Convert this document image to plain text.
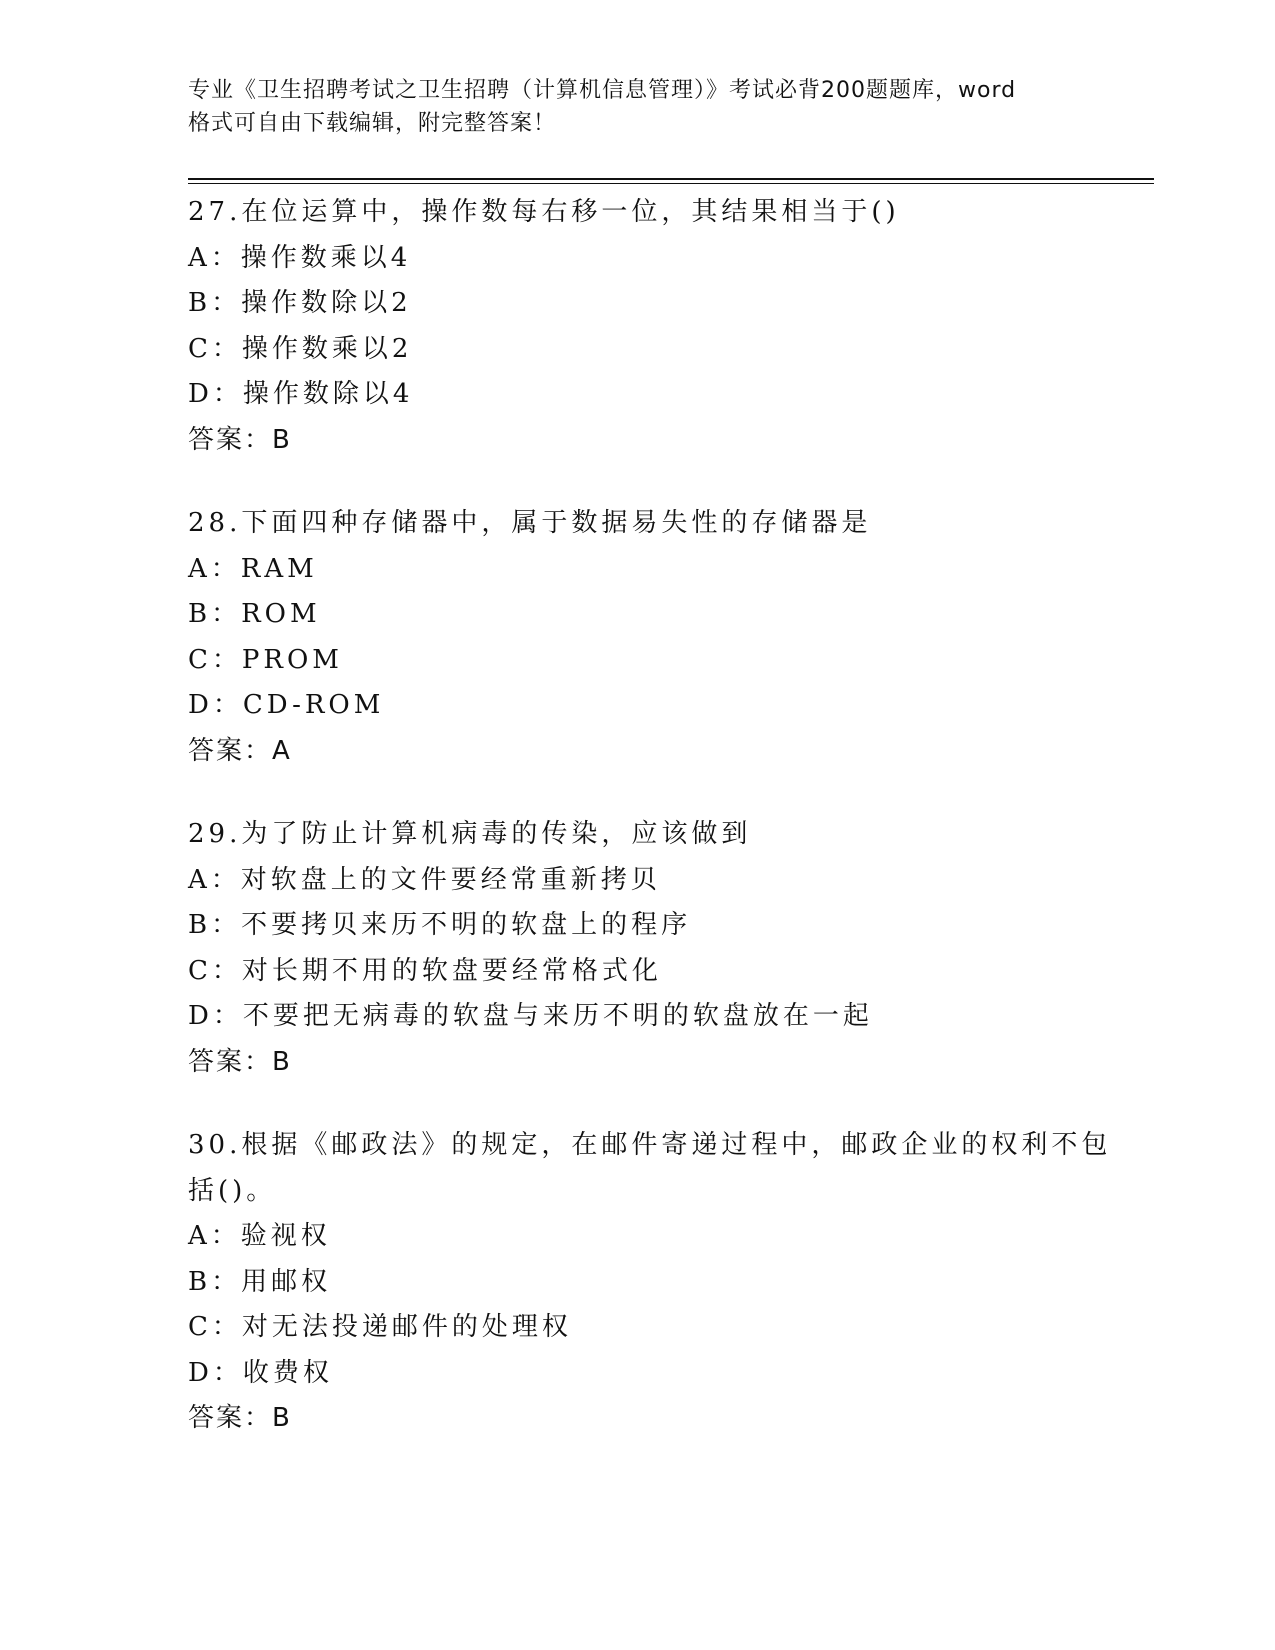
专业《卫生招聘考试之卫生招聘（计算机信息管理）》考试必背200题题库，word
格式可自由下载编辑，附完整答案！
27.在位运算中，操作数每右移一位，其结果相当于()
A：操作数乘以4
B：操作数除以2
C：操作数乘以2
D：操作数除以4
答案：B
28.下面四种存储器中，属于数据易失性的存储器是
A：RAM
B：ROM
C：PROM
D：CD-ROM
答案：A
29.为了防止计算机病毒的传染，应该做到
A：对软盘上的文件要经常重新拷贝
B：不要拷贝来历不明的软盘上的程序
C：对长期不用的软盘要经常格式化
D：不要把无病毒的软盘与来历不明的软盘放在一起
答案：B
30.根据《邮政法》的规定，在邮件寄递过程中，邮政企业的权利不包
括()。
A：验视权
B：用邮权
C：对无法投递邮件的处理权
D：收费权
答案：B
